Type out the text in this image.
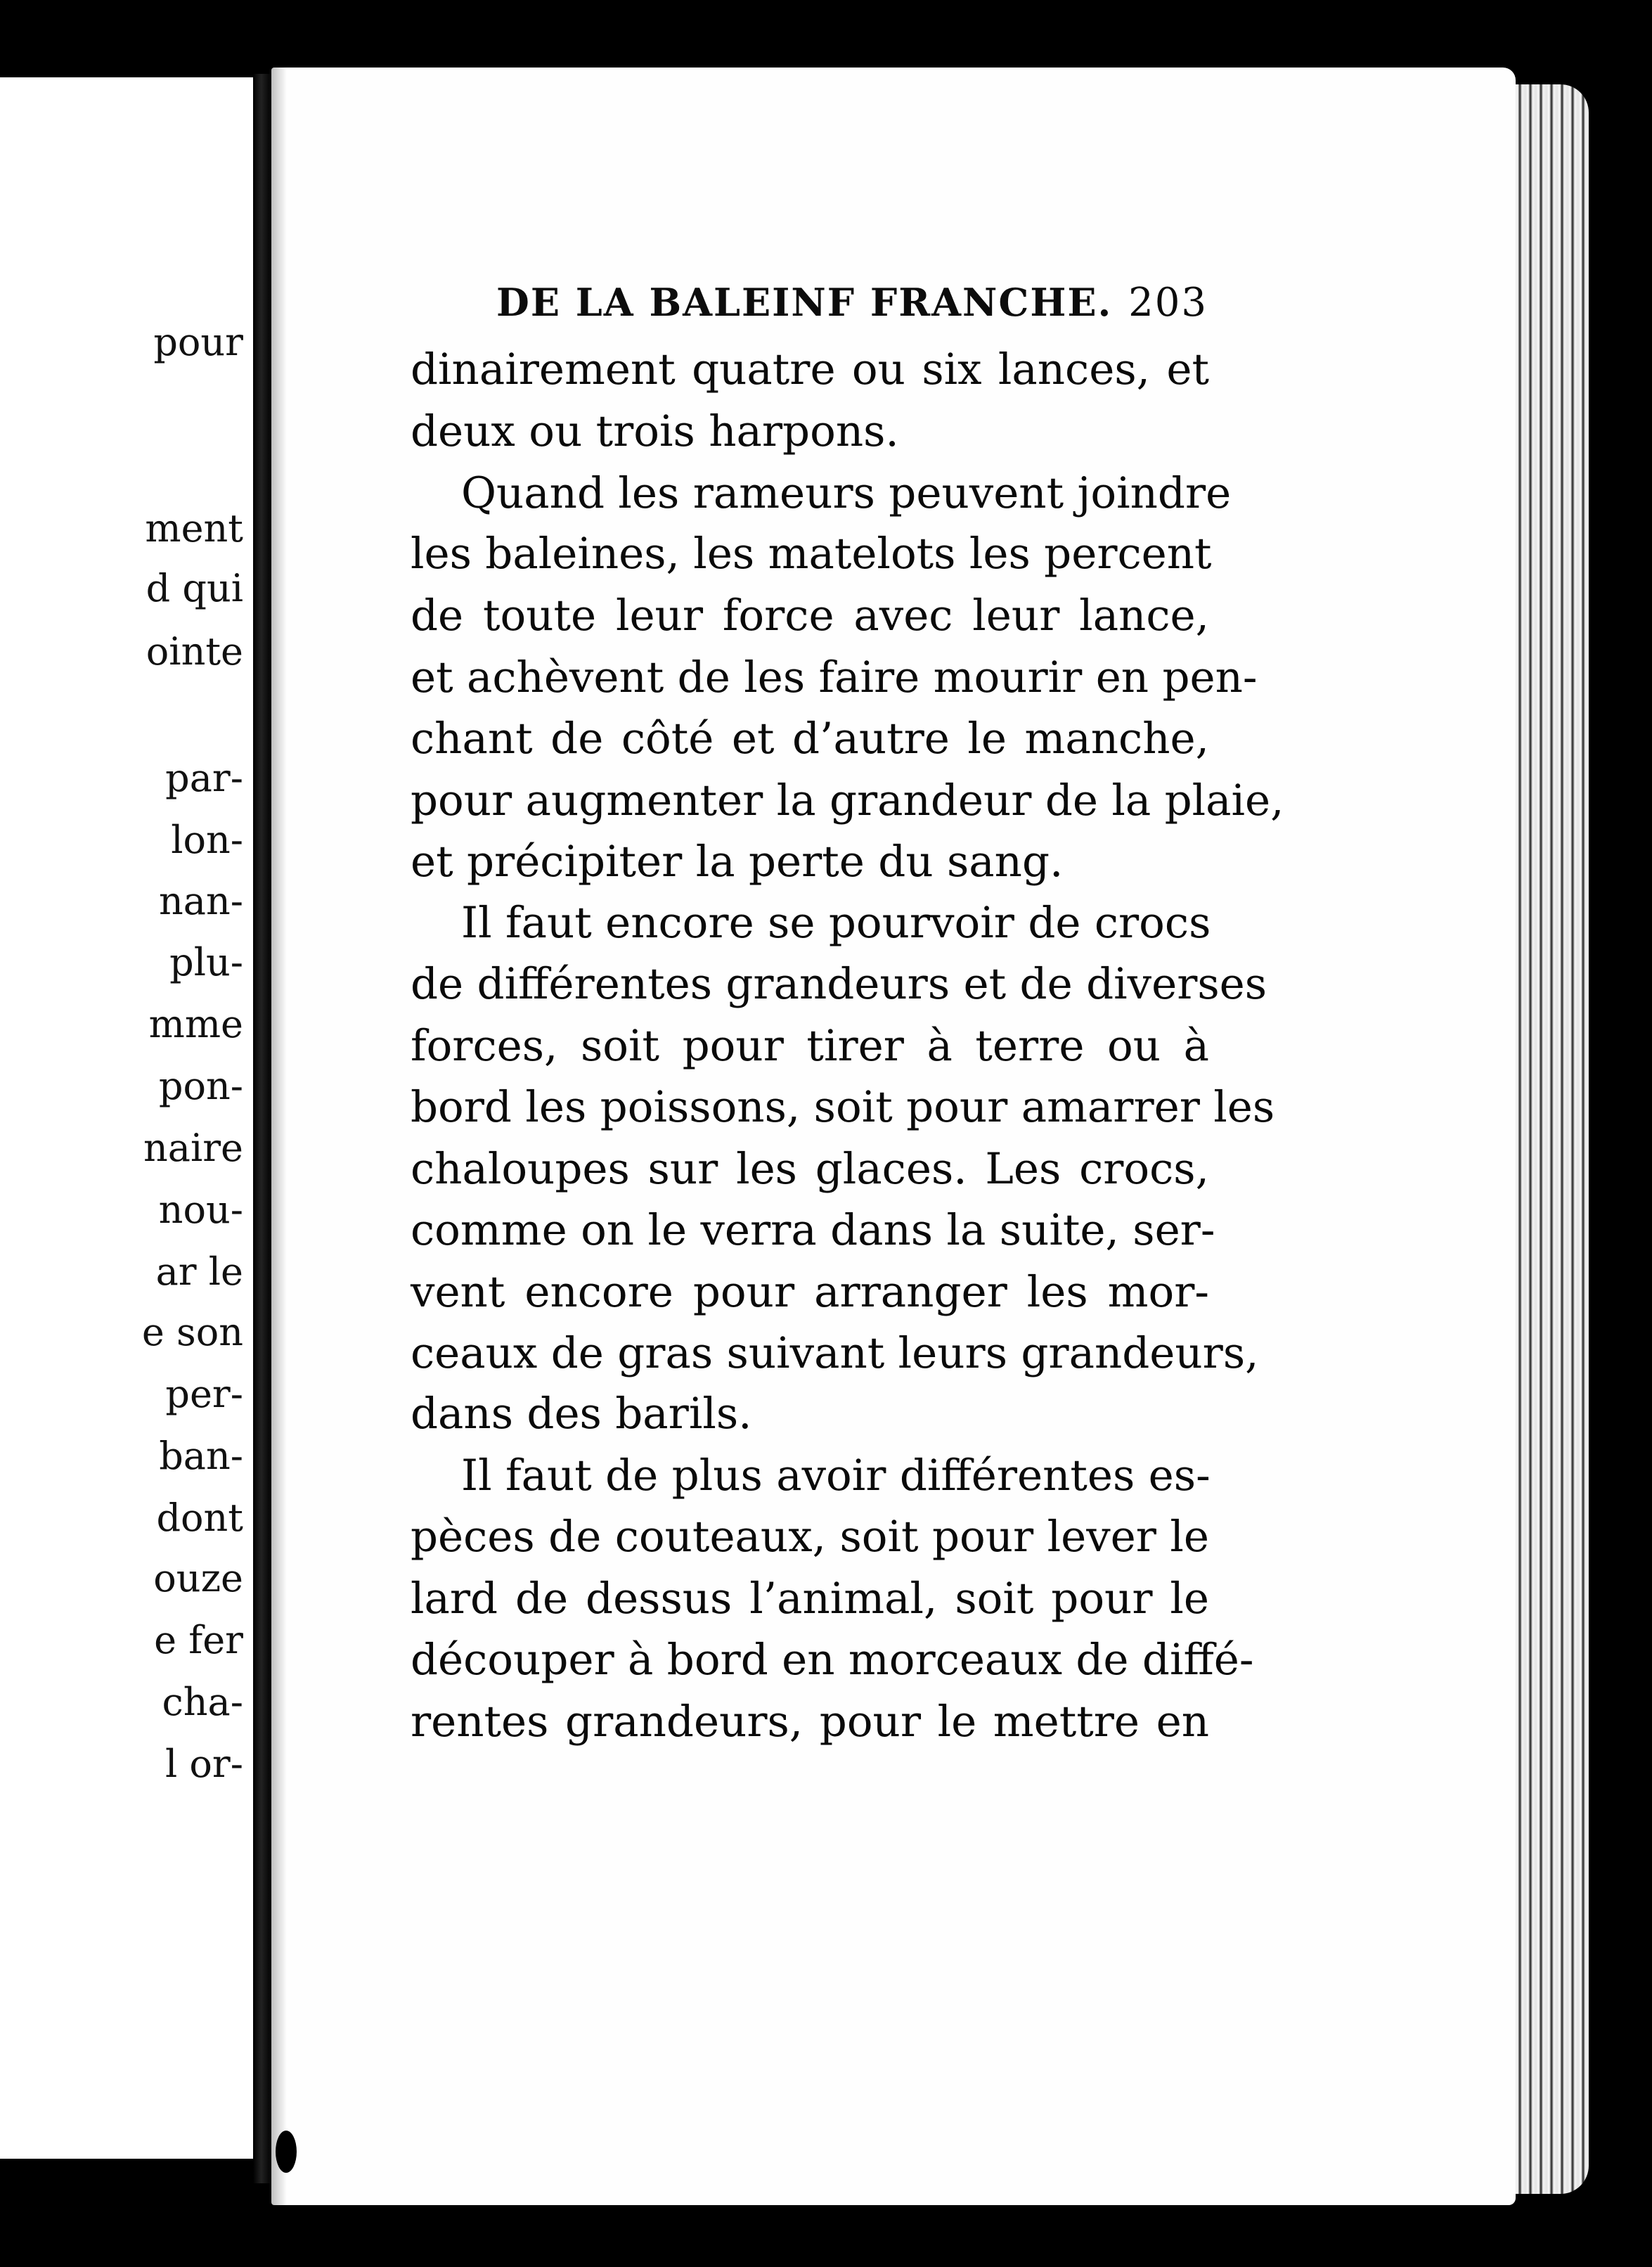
pour

ment

d qui

ointe

par-

lon-

nan-

plu-

mme

pon-

naire

nou-

ar le

e son

per-

ban-

dont

ouze

e fer

cha-

l or-

DE LA BALEINF FRANCHE. 203
dinairement quatre ou six lances, et
deux ou trois harpons.
Quand les rameurs peuvent joindre
les baleines, les matelots les percent
de toute leur force avec leur lance,
et achèvent de les faire mourir en pen-
chant de côté et d’autre le manche,
pour augmenter la grandeur de la plaie,
et précipiter la perte du sang.
Il faut encore se pourvoir de crocs
de différentes grandeurs et de diverses
forces, soit pour tirer à terre ou à
bord les poissons, soit pour amarrer les
chaloupes sur les glaces. Les crocs,
comme on le verra dans la suite, ser-
vent encore pour arranger les mor-
ceaux de gras suivant leurs grandeurs,
dans des barils.
Il faut de plus avoir différentes es-
pèces de couteaux, soit pour lever le
lard de dessus l’animal, soit pour le
découper à bord en morceaux de diffé-
rentes grandeurs, pour le mettre en
